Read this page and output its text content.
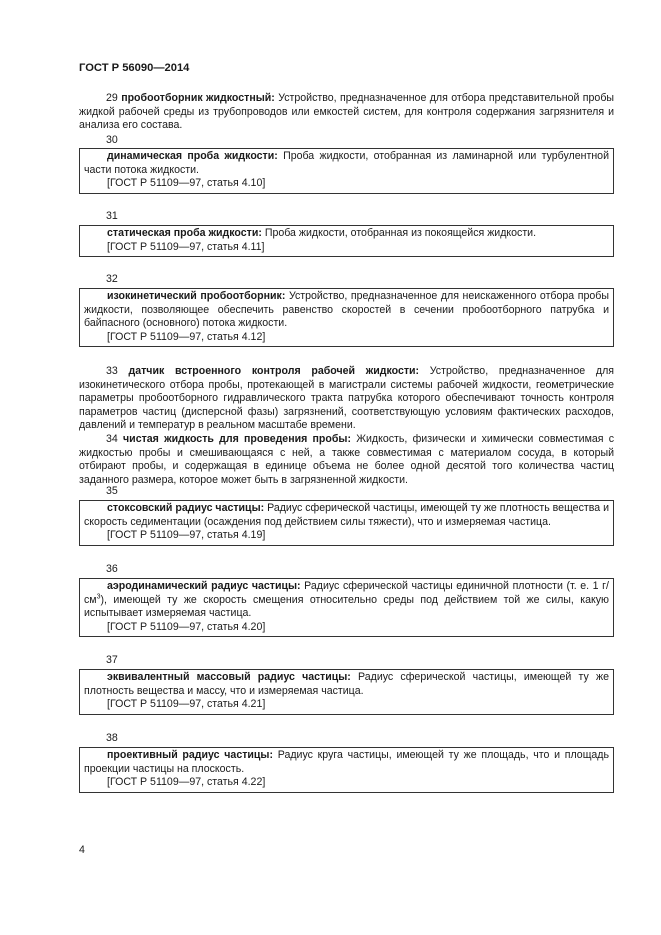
ГОСТ Р 56090—2014

29 пробоотборник жидкостный: Устройство, предназначенное для отбора представительной пробы жидкой рабочей среды из трубопроводов или емкостей систем, для контроля содержания загрязнителя и анализа его состава.

30
динамическая проба жидкости: Проба жидкости, отобранная из ламинарной или турбулентной части потока жидкости.
[ГОСТ Р 51109—97, статья 4.10]
31
статическая проба жидкости: Проба жидкости, отобранная из покоящейся жидкости.
[ГОСТ Р 51109—97, статья 4.11]
32
изокинетический пробоотборник: Устройство, предназначенное для неискаженного отбора пробы жидкости, позволяющее обеспечить равенство скоростей в сечении пробоотборного патрубка и байпасного (основного) потока жидкости.
[ГОСТ Р 51109—97, статья 4.12]

33 датчик встроенного контроля рабочей жидкости: Устройство, предназначенное для изокинетического отбора пробы, протекающей в магистрали системы рабочей жидкости, геометрические параметры пробоотборного гидравлического тракта патрубка которого обеспечивают точность контроля параметров частиц (дисперсной фазы) загрязнений, соответствующую условиям фактических расходов, давлений и температур в реальном масштабе времени.

34 чистая жидкость для проведения пробы: Жидкость, физически и химически совместимая с жидкостью пробы и смешивающаяся с ней, а также совместимая с материалом сосуда, в который отбирают пробы, и содержащая в единице объема не более одной десятой того количества частиц заданного размера, которое может быть в загрязненной жидкости.

35
стоксовский радиус частицы: Радиус сферической частицы, имеющей ту же плотность вещества и скорость седиментации (осаждения под действием силы тяжести), что и измеряемая частица.
[ГОСТ Р 51109—97, статья 4.19]
36
аэродинамический радиус частицы: Радиус сферической частицы единичной плотности (т. е. 1 $г/см^3$), имеющей ту же скорость смещения относительно среды под действием той же силы, какую испытывает измеряемая частица.
[ГОСТ Р 51109—97, статья 4.20]
37
эквивалентный массовый радиус частицы: Радиус сферической частицы, имеющей ту же плотность вещества и массу, что и измеряемая частица.
[ГОСТ Р 51109—97, статья 4.21]
38
проективный радиус частицы: Радиус круга частицы, имеющей ту же площадь, что и площадь проекции частицы на плоскость.
[ГОСТ Р 51109—97, статья 4.22]
4
